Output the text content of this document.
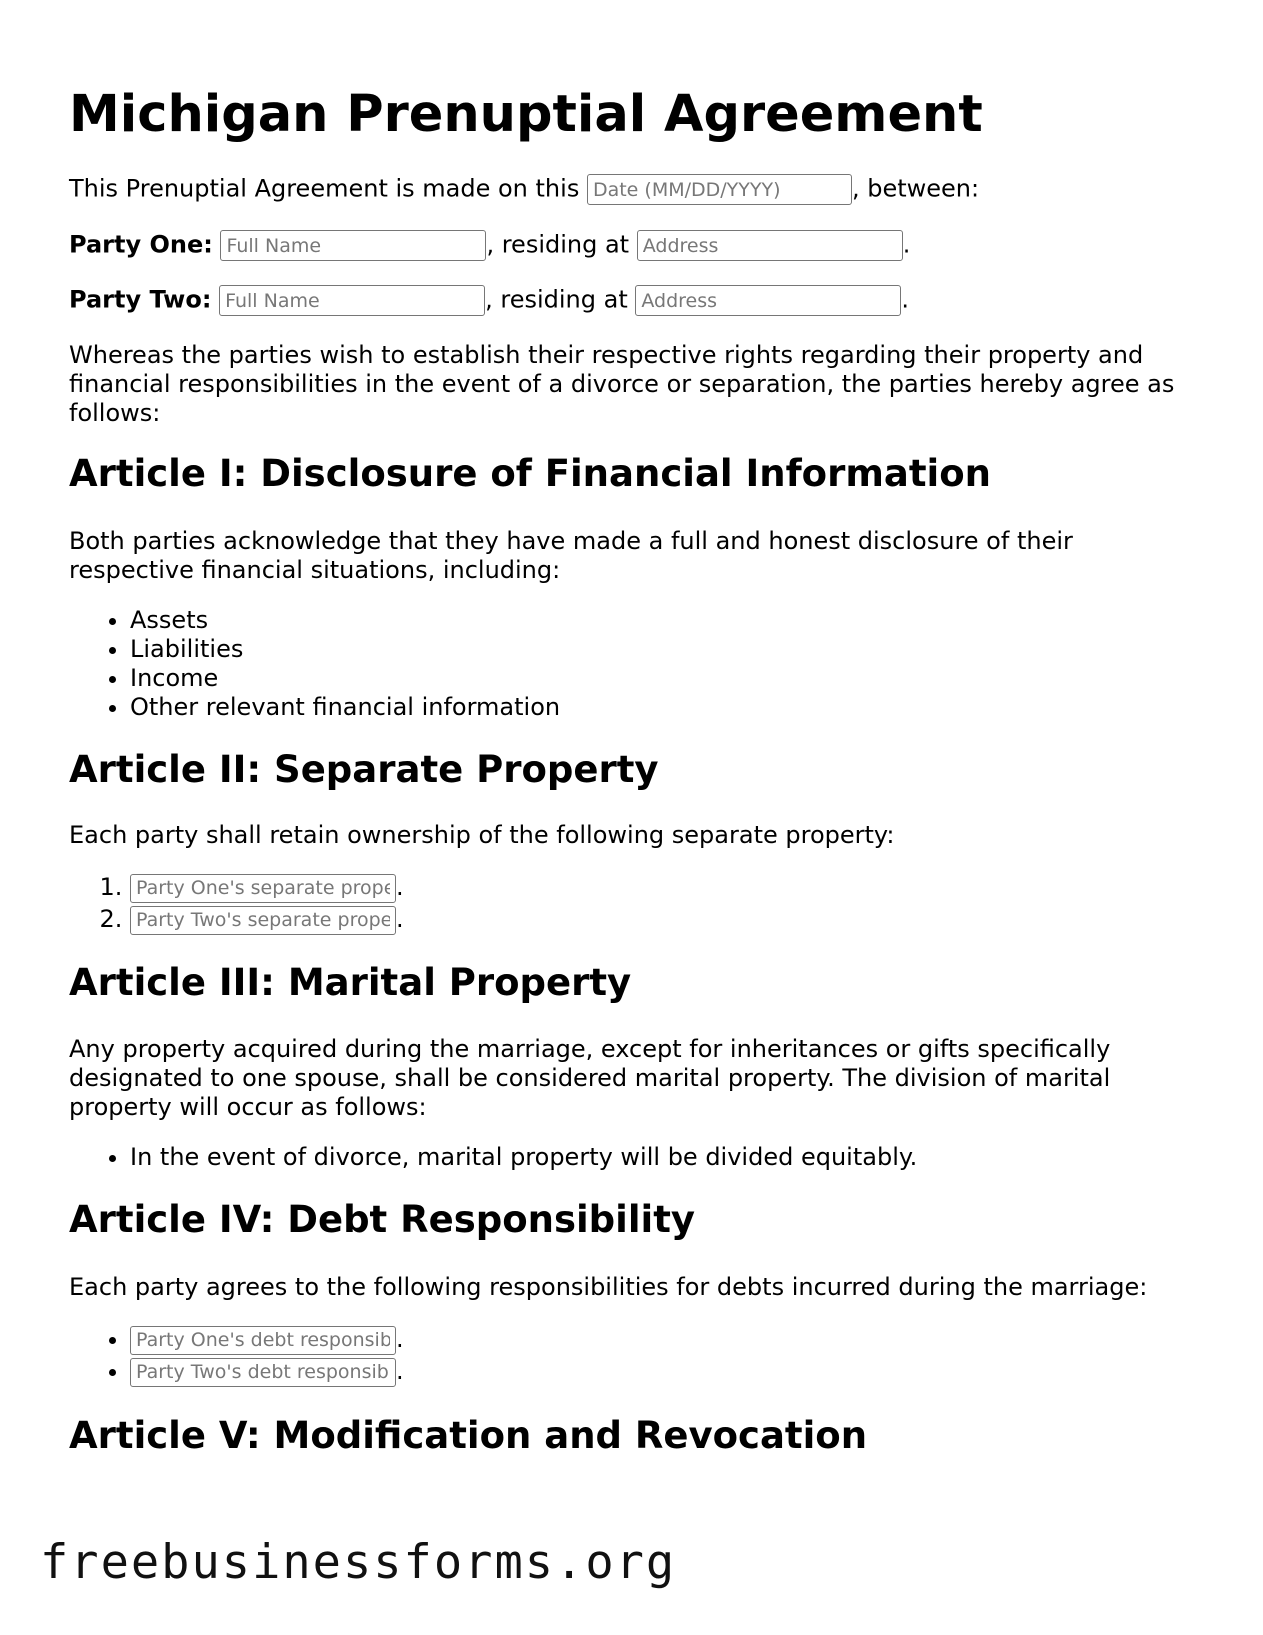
Michigan Prenuptial Agreement
This Prenuptial Agreement is made on this Date (MM/DD/YYYY)	, between:
Party One: Full Name	, residing at Address	.
Party Two: Full Name	, residing at Address	.

Whereas the parties wish to establish their respective rights regarding their property and financial responsibilities in the event of a divorce or separation, the parties hereby agree as follows:

Article I: Disclosure of Financial Information

Both parties acknowledge that they have made a full and honest disclosure of their respective financial situations, including:

• Assets
• Liabilities
• Income
• Other relevant financial information
Article II: Separate Property

Each party shall retain ownership of the following separate property:

Party One's separate property 1. .
Party Two's separate property 2. .
Article III: Marital Property

Any property acquired during the marriage, except for inheritances or gifts specifically designated to one spouse, shall be considered marital property. The division of marital property will occur as follows:

• In the event of divorce, marital property will be divided equitably.
Article IV: Debt Responsibility

Each party agrees to the following responsibilities for debts incurred during the marriage:

Party One's debt responsibilities • .
Party Two's debt responsibilities • .
Article V: Modification and Revocation
freebusinessforms.org
